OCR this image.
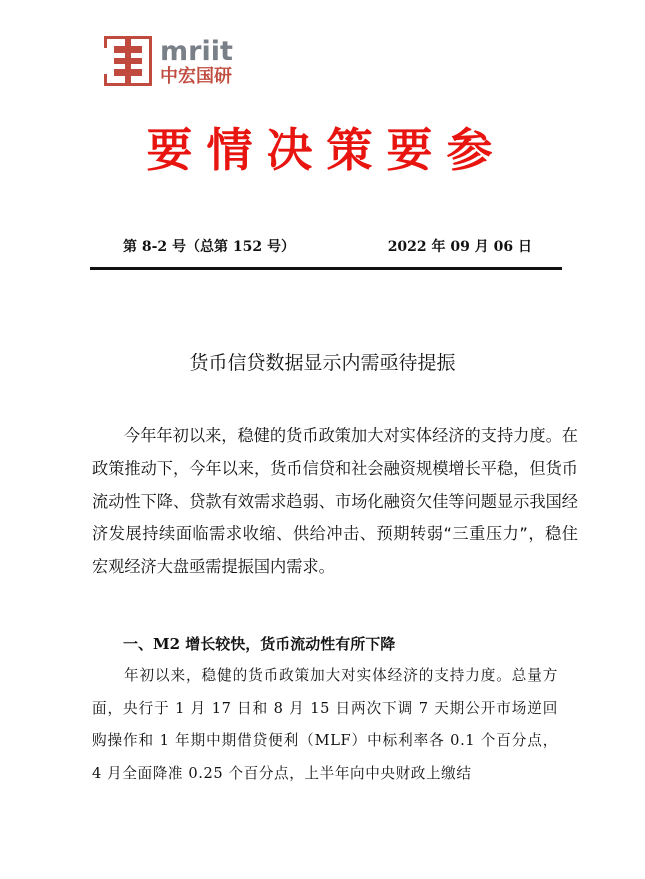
mriit
中宏国研
要情决策要参
第 8-2 号（总第 152 号）	2022 年 09 月 06 日
货币信贷数据显示内需亟待提振

今年年初以来，稳健的货币政策加大对实体经济的支持力度。在政策推动下，今年以来，货币信贷和社会融资规模增长平稳，但货币流动性下降、贷款有效需求趋弱、市场化融资欠佳等问题显示我国经济发展持续面临需求收缩、供给冲击、预期转弱“三重压力”，稳住宏观经济大盘亟需提振国内需求。

一、M2 增长较快，货币流动性有所下降

年初以来，稳健的货币政策加大对实体经济的支持力度。总量方面，央行于 1 月 17 日和 8 月 15 日两次下调 7 天期公开市场逆回购操作和 1 年期中期借贷便利（MLF）中标利率各 0.1 个百分点，4 月全面降准 0.25 个百分点，上半年向中央财政上缴结
